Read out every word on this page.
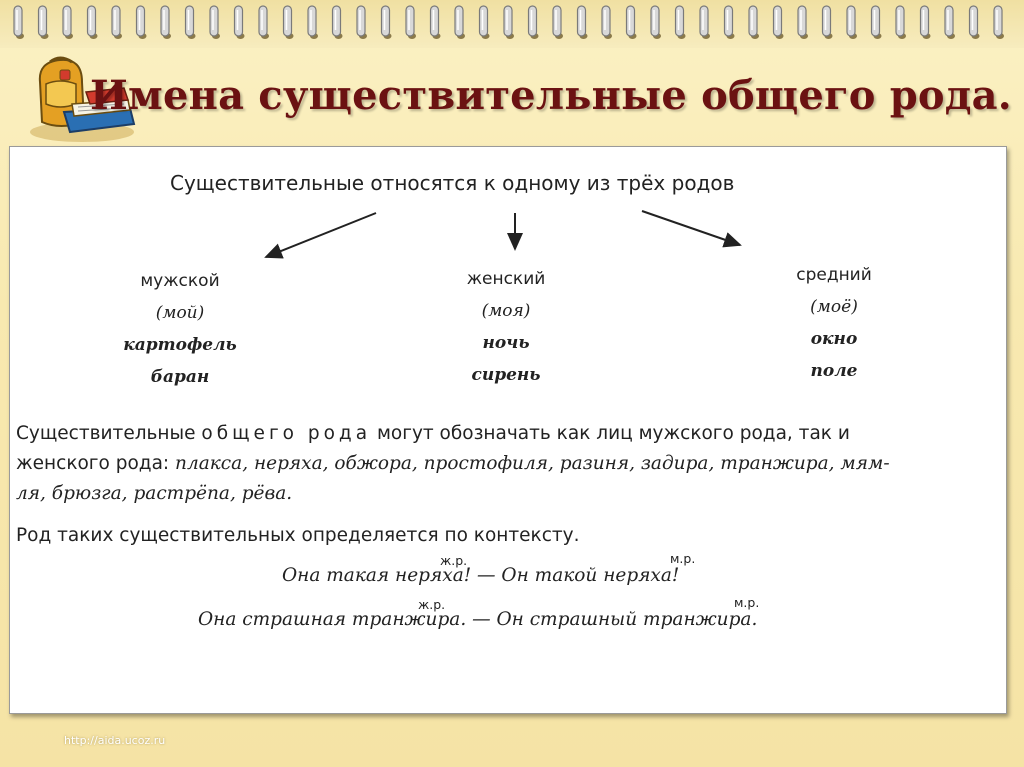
Имена существительные общего рода.
Существительные относятся к одному из трёх родов
мужской
(мой)
картофель
баран
женский
(моя)
ночь
сирень
средний
(моё)
окно
поле
Существительные общего рода могут обозначать как лиц мужского рода, так и
женского рода: плакса, неряха, обжора, простофиля, разиня, задира, транжира, мям-
ля, брюзга, растрёпа, рёва.
Род таких существительных определяется по контексту.
ж.р.	м.р.
Она такая неряха! — Он такой неряха!
ж.р.	м.р.
Она страшная транжира. — Он страшный транжира.
http://aida.ucoz.ru
